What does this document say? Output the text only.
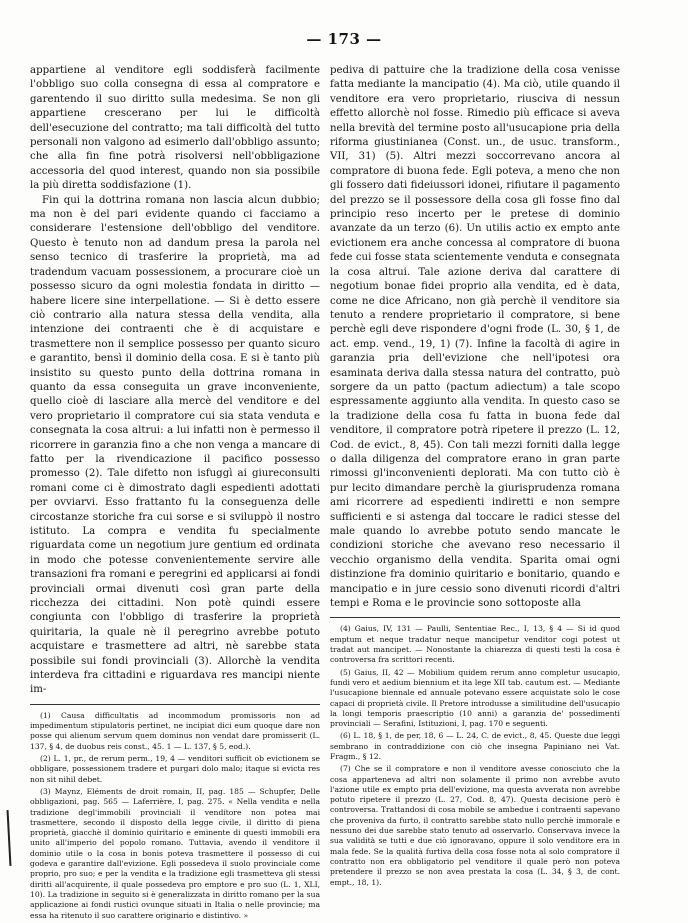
— 173 —

appartiene al venditore egli soddisferà facilmente l'obbligo suo colla consegna di essa al compratore e garentendo il suo diritto sulla medesima. Se non gli appartiene crescerano per lui le difficoltà dell'esecuzione del contratto; ma tali difficoltà del tutto personali non valgono ad esimerlo dall'obbligo assunto; che alla fin fine potrà risolversi nell'obbligazione accessoria del quod interest, quando non sia possibile la più diretta soddisfazione (1).

Fin qui la dottrina romana non lascia alcun dubbio; ma non è del pari evidente quando ci facciamo a considerare l'estensione dell'obbligo del venditore. Questo è tenuto non ad dandum presa la parola nel senso tecnico di trasferire la proprietà, ma ad tradendum vacuam possessionem, a procurare cioè un possesso sicuro da ogni molestia fondata in diritto — habere licere sine interpellatione. — Si è detto essere ciò contrario alla natura stessa della vendita, alla intenzione dei contraenti che è di acquistare e trasmettere non il semplice possesso per quanto sicuro e garantito, bensì il dominio della cosa. E si è tanto più insistito su questo punto della dottrina romana in quanto da essa conseguita un grave inconveniente, quello cioè di lasciare alla mercè del venditore e del vero proprietario il compratore cui sia stata venduta e consegnata la cosa altrui: a lui infatti non è permesso il ricorrere in garanzia fino a che non venga a mancare di fatto per la rivendicazione il pacifico possesso promesso (2). Tale difetto non isfuggì ai giureconsulti romani come ci è dimostrato dagli espedienti adottati per ovviarvi. Esso frattanto fu la conseguenza delle circostanze storiche fra cui sorse e si sviluppò il nostro istituto. La compra e vendita fu specialmente riguardata come un negotium jure gentium ed ordinata in modo che potesse convenientemente servire alle transazioni fra romani e peregrini ed applicarsi ai fondi provinciali ormai divenuti così gran parte della ricchezza dei cittadini. Non potè quindi essere congiunta con l'obbligo di trasferire la proprietà quiritaria, la quale nè il peregrino avrebbe potuto acquistare e trasmettere ad altri, nè sarebbe stata possibile sui fondi provinciali (3). Allorchè la vendita interdeva fra cittadini e riguardava res mancipi niente im-

(1) Causa difficultatis ad incommodum promissoris non ad impedimentum stipulatoris pertinet, ne incipiat dici eum quoque dare non posse qui alienum servum quem dominus non vendat dare promisserit (L. 137, § 4, de duobus reis const., 45. 1 — L. 137, § 5, eod.).

(2) L. 1, pr., de rerum perm., 19, 4 — venditori sufficit ob evictionem se obbligare, possessionem tradere et purgari dolo malo; itaque si evicta res non sit nihil debet.

(3) Maynz, Eléments de droit romain, II, pag. 185 — Schupfer, Delle obbligazioni, pag. 565 — Laferrière, I, pag. 275. « Nella vendita e nella tradizione degl'immobili provinciali il venditore non potea mai trasmettere, secondo il disposto della legge civile, il diritto di piena proprietà, giacchè il dominio quiritario e eminente di questi immobili era unito all'imperio del popolo romano. Tuttavia, avendo il venditore il dominio utile o la cosa in bonis poteva trasmettere il possesso di cui godeva e garantire dall'evizione. Egli possedeva il suolo provinciale come proprio, pro suo; e per la vendita e la tradizione egli trasmetteva gli stessi diritti all'acquirente, il quale possedeva pro emptore e pro suo (L. 1, XLI, 10). La tradizione in seguito si è generalizzata in diritto romano per la sua applicazione ai fondi rustici ovunque situati in Italia o nelle provincie; ma essa ha ritenuto il suo carattere originario e distintivo. »

pediva di pattuire che la tradizione della cosa venisse fatta mediante la mancipatio (4). Ma ciò, utile quando il venditore era vero proprietario, riusciva di nessun effetto allorchè nol fosse. Rimedio più efficace si aveva nella brevità del termine posto all'usucapione pria della riforma giustinianea (Const. un., de usuc. transform., VII, 31) (5). Altri mezzi soccorrevano ancora al compratore di buona fede. Egli poteva, a meno che non gli fossero dati fideiussori idonei, rifiutare il pagamento del prezzo se il possessore della cosa gli fosse fino dal principio reso incerto per le pretese di dominio avanzate da un terzo (6). Un utilis actio ex empto ante evictionem era anche concessa al compratore di buona fede cui fosse stata scientemente venduta e consegnata la cosa altrui. Tale azione deriva dal carattere di negotium bonae fidei proprio alla vendita, ed è data, come ne dice Africano, non già perchè il venditore sia tenuto a rendere proprietario il compratore, si bene perchè egli deve rispondere d'ogni frode (L. 30, § 1, de act. emp. vend., 19, 1) (7). Infine la facoltà di agire in garanzia pria dell'evizione che nell'ipotesi ora esaminata deriva dalla stessa natura del contratto, può sorgere da un patto (pactum adiectum) a tale scopo espressamente aggiunto alla vendita. In questo caso se la tradizione della cosa fu fatta in buona fede dal venditore, il compratore potrà ripetere il prezzo (L. 12, Cod. de evict., 8, 45). Con tali mezzi forniti dalla legge o dalla diligenza del compratore erano in gran parte rimossi gl'inconvenienti deplorati. Ma con tutto ciò è pur lecito dimandare perchè la giurisprudenza romana ami ricorrere ad espedienti indiretti e non sempre sufficienti e si astenga dal toccare le radici stesse del male quando lo avrebbe potuto sendo mancate le condizioni storiche che avevano reso necessario il vecchio organismo della vendita. Sparita omai ogni distinzione fra dominio quiritario e bonitario, quando e mancipatio e in jure cessio sono divenuti ricordi d'altri tempi e Roma e le provincie sono sottoposte alla

(4) Gaius, IV, 131 — Paulli, Sententiae Rec., I, 13, § 4 — Si id quod emptum et neque tradatur neque mancipetur venditor cogi potest ut tradat aut mancipet. — Nonostante la chiarezza di questi testi la cosa è controversa fra scrittori recenti.

(5) Gaius, II, 42 — Mobilium quidem rerum anno completur usucapio, fundi vero et aedium biennium et ita lege XII tab. cautum est. — Mediante l'usucapione biennale ed annuale potevano essere acquistate solo le cose capaci di proprietà civile. Il Pretore introdusse a similitudine dell'usucapio la longi temporis praescriptio (10 anni) a garanzia de' possedimenti provinciali — Serafini, Istituzioni, I, pag. 170 e seguenti.

(6) L. 18, § 1, de per, 18, 6 — L. 24, C. de evict., 8, 45. Queste due leggi sembrano in contraddizione con ciò che insegna Papiniano nei Vat. Fragm., § 12.

(7) Che se il compratore e non il venditore avesse conosciuto che la cosa apparteneva ad altri non solamente il primo non avrebbe avuto l'azione utile ex empto pria dell'evizione, ma questa avverata non avrebbe potuto ripetere il prezzo (L. 27, Cod. 8, 47). Questa decisione però è controversa. Trattandosi di cosa mobile se ambedue i contraenti sapevano che proveniva da furto, il contratto sarebbe stato nullo perchè immorale e nessuno dei due sarebbe stato tenuto ad osservarlo. Conservava invece la sua validità se tutti e due ciò ignoravano, oppure il solo venditore era in mala fede. Se la qualità furtiva della cosa fosse nota al solo compratore il contratto non era obbligatorio pel venditore il quale però non poteva pretendere il prezzo se non avea prestata la cosa (L. 34, § 3, de cont. empt., 18, 1).
